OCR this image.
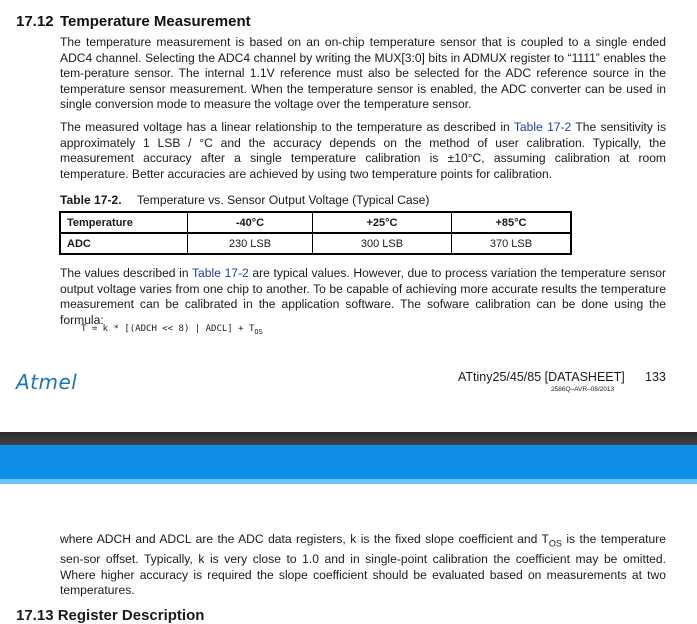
17.12 Temperature Measurement

The temperature measurement is based on an on-chip temperature sensor that is coupled to a single ended ADC4 channel. Selecting the ADC4 channel by writing the MUX[3:0] bits in ADMUX register to “1111” enables the tem-perature sensor. The internal 1.1V reference must also be selected for the ADC reference source in the temperature sensor measurement. When the temperature sensor is enabled, the ADC converter can be used in single conversion mode to measure the voltage over the temperature sensor.

The measured voltage has a linear relationship to the temperature as described in Table 17-2 The sensitivity is approximately 1 LSB / °C and the accuracy depends on the method of user calibration. Typically, the measurement accuracy after a single temperature calibration is ±10°C, assuming calibration at room temperature. Better accuracies are achieved by using two temperature points for calibration.

Table 17-2. Temperature vs. Sensor Output Voltage (Typical Case)
Temperature	-40°C	+25°C	+85°C
ADC	230 LSB	300 LSB	370 LSB

The values described in Table 17-2 are typical values. However, due to process variation the temperature sensor output voltage varies from one chip to another. To be capable of achieving more accurate results the temperature measurement can be calibrated in the application software. The sofware calibration can be done using the formula:

T = k * [(ADCH << 8) | ADCL] + $T_{OS}$
Atmel	ATtiny25/45/85 [DATASHEET] 133
2586Q–AVR–08/2013

where ADCH and ADCL are the ADC data registers, k is the fixed slope coefficient and $T_{OS}$ is the temperature sen-sor offset. Typically, k is very close to 1.0 and in single-point calibration the coefficient may be omitted. Where higher accuracy is required the slope coefficient should be evaluated based on measurements at two temperatures.

17.13 Register Description
